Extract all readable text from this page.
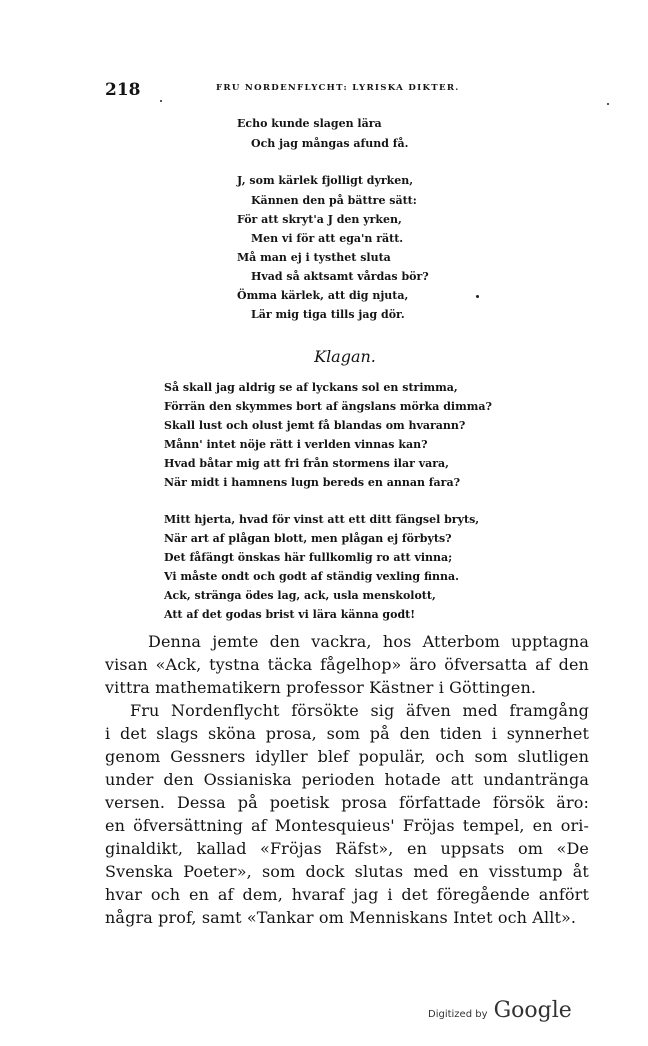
218	FRU NORDENFLYCHT: LYRISKA DIKTER.
Echo kunde slagen lära
Och jag mångas afund få.
J, som kärlek fjolligt dyrken,
Kännen den på bättre sätt:
För att skryt'a J den yrken,
Men vi för att ega'n rätt.
Må man ej i tysthet sluta
Hvad så aktsamt vårdas bör?
Ömma kärlek, att dig njuta,
Lär mig tiga tills jag dör.
Klagan.
Så skall jag aldrig se af lyckans sol en strimma,
Förrän den skymmes bort af ängslans mörka dimma?
Skall lust och olust jemt få blandas om hvarann?
Månn' intet nöje rätt i verlden vinnas kan?
Hvad båtar mig att fri från stormens ilar vara,
När midt i hamnens lugn bereds en annan fara?
Mitt hjerta, hvad för vinst att ett ditt fängsel bryts,
När art af plågan blott, men plågan ej förbyts?
Det fåfängt önskas här fullkomlig ro att vinna;
Vi måste ondt och godt af ständig vexling finna.
Ack, stränga ödes lag, ack, usla menskolott,
Att af det godas brist vi lära känna godt!
Denna jemte den vackra, hos Atterbom upptagna
visan «Ack, tystna täcka fågelhop» äro öfversatta af den
vittra mathematikern professor Kästner i Göttingen.
Fru Nordenflycht försökte sig äfven med framgång
i det slags sköna prosa, som på den tiden i synnerhet
genom Gessners idyller blef populär, och som slutligen
under den Ossianiska perioden hotade att undantränga
versen. Dessa på poetisk prosa författade försök äro:
en öfversättning af Montesquieus' Fröjas tempel, en ori-
ginaldikt, kallad «Fröjas Räfst», en uppsats om «De
Svenska Poeter», som dock slutas med en visstump åt
hvar och en af dem, hvaraf jag i det föregående anfört
några prof, samt «Tankar om Menniskans Intet och Allt».
Digitized by Google
